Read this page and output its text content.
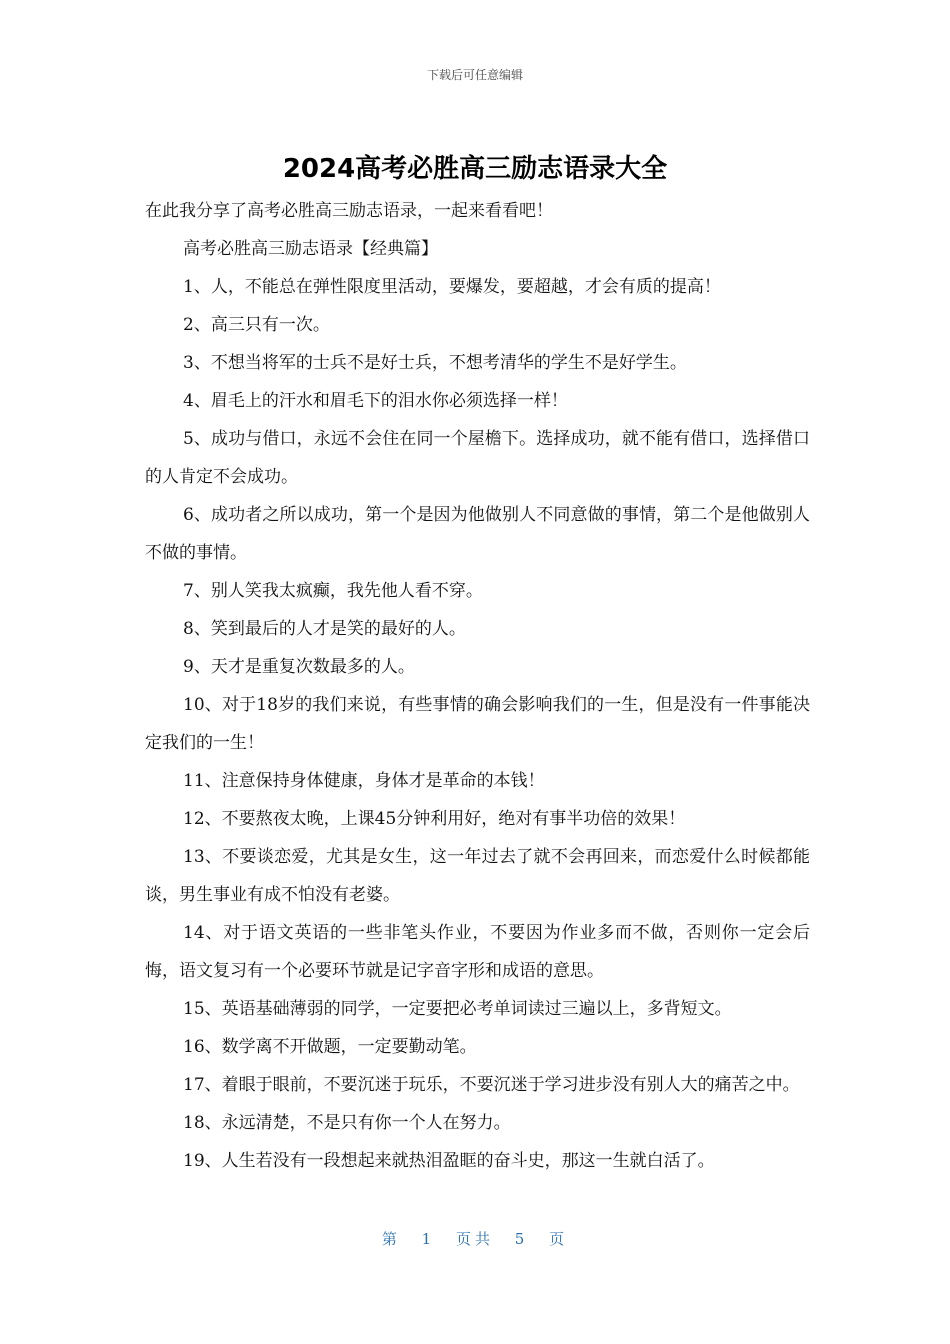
下载后可任意编辑
2024高考必胜高三励志语录大全

在此我分享了高考必胜高三励志语录，一起来看看吧！

高考必胜高三励志语录【经典篇】

1、人，不能总在弹性限度里活动，要爆发，要超越，才会有质的提高！

2、高三只有一次。

3、不想当将军的士兵不是好士兵，不想考清华的学生不是好学生。

4、眉毛上的汗水和眉毛下的泪水你必须选择一样！

5、成功与借口，永远不会住在同一个屋檐下。选择成功，就不能有借口，选择借口的人肯定不会成功。

6、成功者之所以成功，第一个是因为他做别人不同意做的事情，第二个是他做别人不做的事情。

7、别人笑我太疯癫，我先他人看不穿。

8、笑到最后的人才是笑的最好的人。

9、天才是重复次数最多的人。

10、对于18岁的我们来说，有些事情的确会影响我们的一生，但是没有一件事能决定我们的一生！

11、注意保持身体健康，身体才是革命的本钱！

12、不要熬夜太晚，上课45分钟利用好，绝对有事半功倍的效果！

13、不要谈恋爱，尤其是女生，这一年过去了就不会再回来，而恋爱什么时候都能谈，男生事业有成不怕没有老婆。

14、对于语文英语的一些非笔头作业，不要因为作业多而不做，否则你一定会后悔，语文复习有一个必要环节就是记字音字形和成语的意思。

15、英语基础薄弱的同学，一定要把必考单词读过三遍以上，多背短文。

16、数学离不开做题，一定要勤动笔。

17、着眼于眼前，不要沉迷于玩乐，不要沉迷于学习进步没有别人大的痛苦之中。

18、永远清楚，不是只有你一个人在努力。

19、人生若没有一段想起来就热泪盈眶的奋斗史，那这一生就白活了。

第 1 页共 5 页
